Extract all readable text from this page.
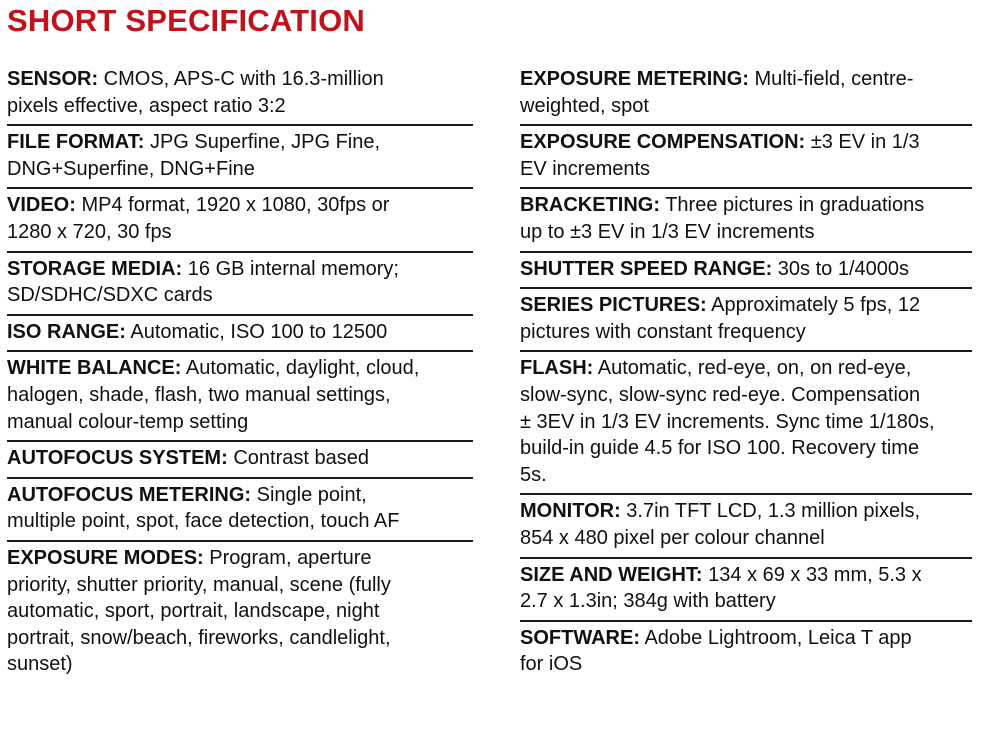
SHORT SPECIFICATION
SENSOR: CMOS, APS-C with 16.3-million
pixels effective, aspect ratio 3:2
FILE FORMAT: JPG Superfine, JPG Fine,
DNG+Superfine, DNG+Fine
VIDEO: MP4 format, 1920 x 1080, 30fps or
1280 x 720, 30 fps
STORAGE MEDIA: 16 GB internal memory;
SD/SDHC/SDXC cards
ISO RANGE: Automatic, ISO 100 to 12500
WHITE BALANCE: Automatic, daylight, cloud,
halogen, shade, flash, two manual settings,
manual colour-temp setting
AUTOFOCUS SYSTEM: Contrast based
AUTOFOCUS METERING: Single point,
multiple point, spot, face detection, touch AF
EXPOSURE MODES: Program, aperture
priority, shutter priority, manual, scene (fully
automatic, sport, portrait, landscape, night
portrait, snow/beach, fireworks, candlelight,
sunset)
EXPOSURE METERING: Multi-field, centre-
weighted, spot
EXPOSURE COMPENSATION: ±3 EV in 1/3
EV increments
BRACKETING: Three pictures in graduations
up to ±3 EV in 1/3 EV increments
SHUTTER SPEED RANGE: 30s to 1/4000s
SERIES PICTURES: Approximately 5 fps, 12
pictures with constant frequency
FLASH: Automatic, red-eye, on, on red-eye,
slow-sync, slow-sync red-eye. Compensation
± 3EV in 1/3 EV increments. Sync time 1/180s,
build-in guide 4.5 for ISO 100. Recovery time
5s.
MONITOR: 3.7in TFT LCD, 1.3 million pixels,
854 x 480 pixel per colour channel
SIZE AND WEIGHT: 134 x 69 x 33 mm, 5.3 x
2.7 x 1.3in; 384g with battery
SOFTWARE: Adobe Lightroom, Leica T app
for iOS
